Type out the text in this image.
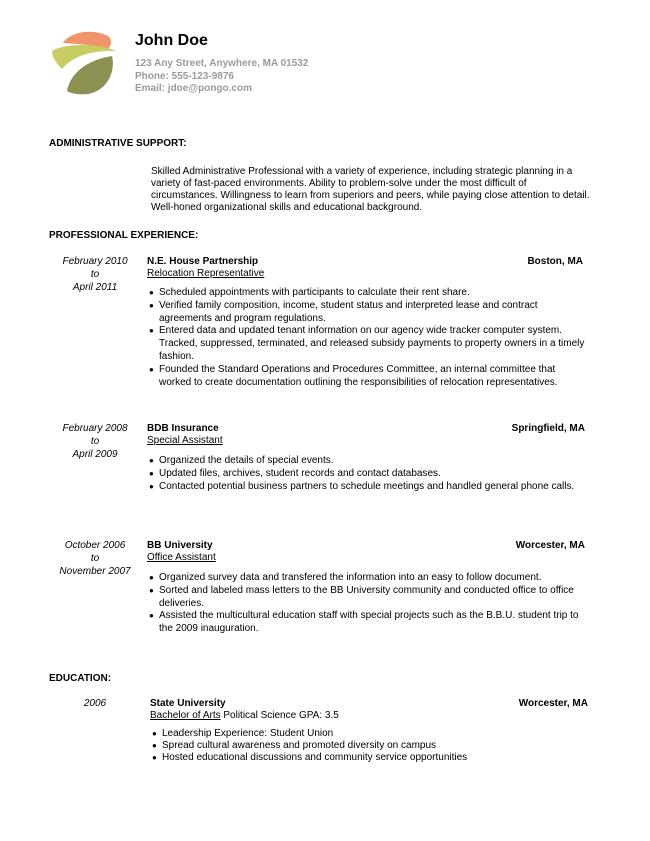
John Doe
123 Any Street, Anywhere, MA 01532
Phone: 555-123-9876
Email: jdoe@pongo.com
ADMINISTRATIVE SUPPORT:
Skilled Administrative Professional with a variety of experience, including strategic planning in a variety of fast-paced environments. Ability to problem-solve under the most difficult of circumstances. Willingness to learn from superiors and peers, while paying close attention to detail. Well-honed organizational skills and educational background.
PROFESSIONAL EXPERIENCE:
February 2010
to
April 2011
N.E. House Partnership	Boston, MA
Relocation Representative
● Scheduled appointments with participants to calculate their rent share.
● Verified family composition, income, student status and interpreted lease and contract agreements and program regulations.
● Entered data and updated tenant information on our agency wide tracker computer system. Tracked, suppressed, terminated, and released subsidy payments to property owners in a timely fashion.
● Founded the Standard Operations and Procedures Committee, an internal committee that worked to create documentation outlining the responsibilities of relocation representatives.
February 2008
to
April 2009
BDB Insurance	Springfield, MA
Special Assistant
● Organized the details of special events.
● Updated files, archives, student records and contact databases.
● Contacted potential business partners to schedule meetings and handled general phone calls.
October 2006
to
November 2007
BB University	Worcester, MA
Office Assistant
● Organized survey data and transfered the information into an easy to follow document.
● Sorted and labeled mass letters to the BB University community and conducted office to office deliveries.
● Assisted the multicultural education staff with special projects such as the B.B.U. student trip to the 2009 inauguration.
EDUCATION:
2006	State University	Worcester, MA
Bachelor of Arts Political Science GPA: 3.5
● Leadership Experience: Student Union
● Spread cultural awareness and promoted diversity on campus
● Hosted educational discussions and community service opportunities
